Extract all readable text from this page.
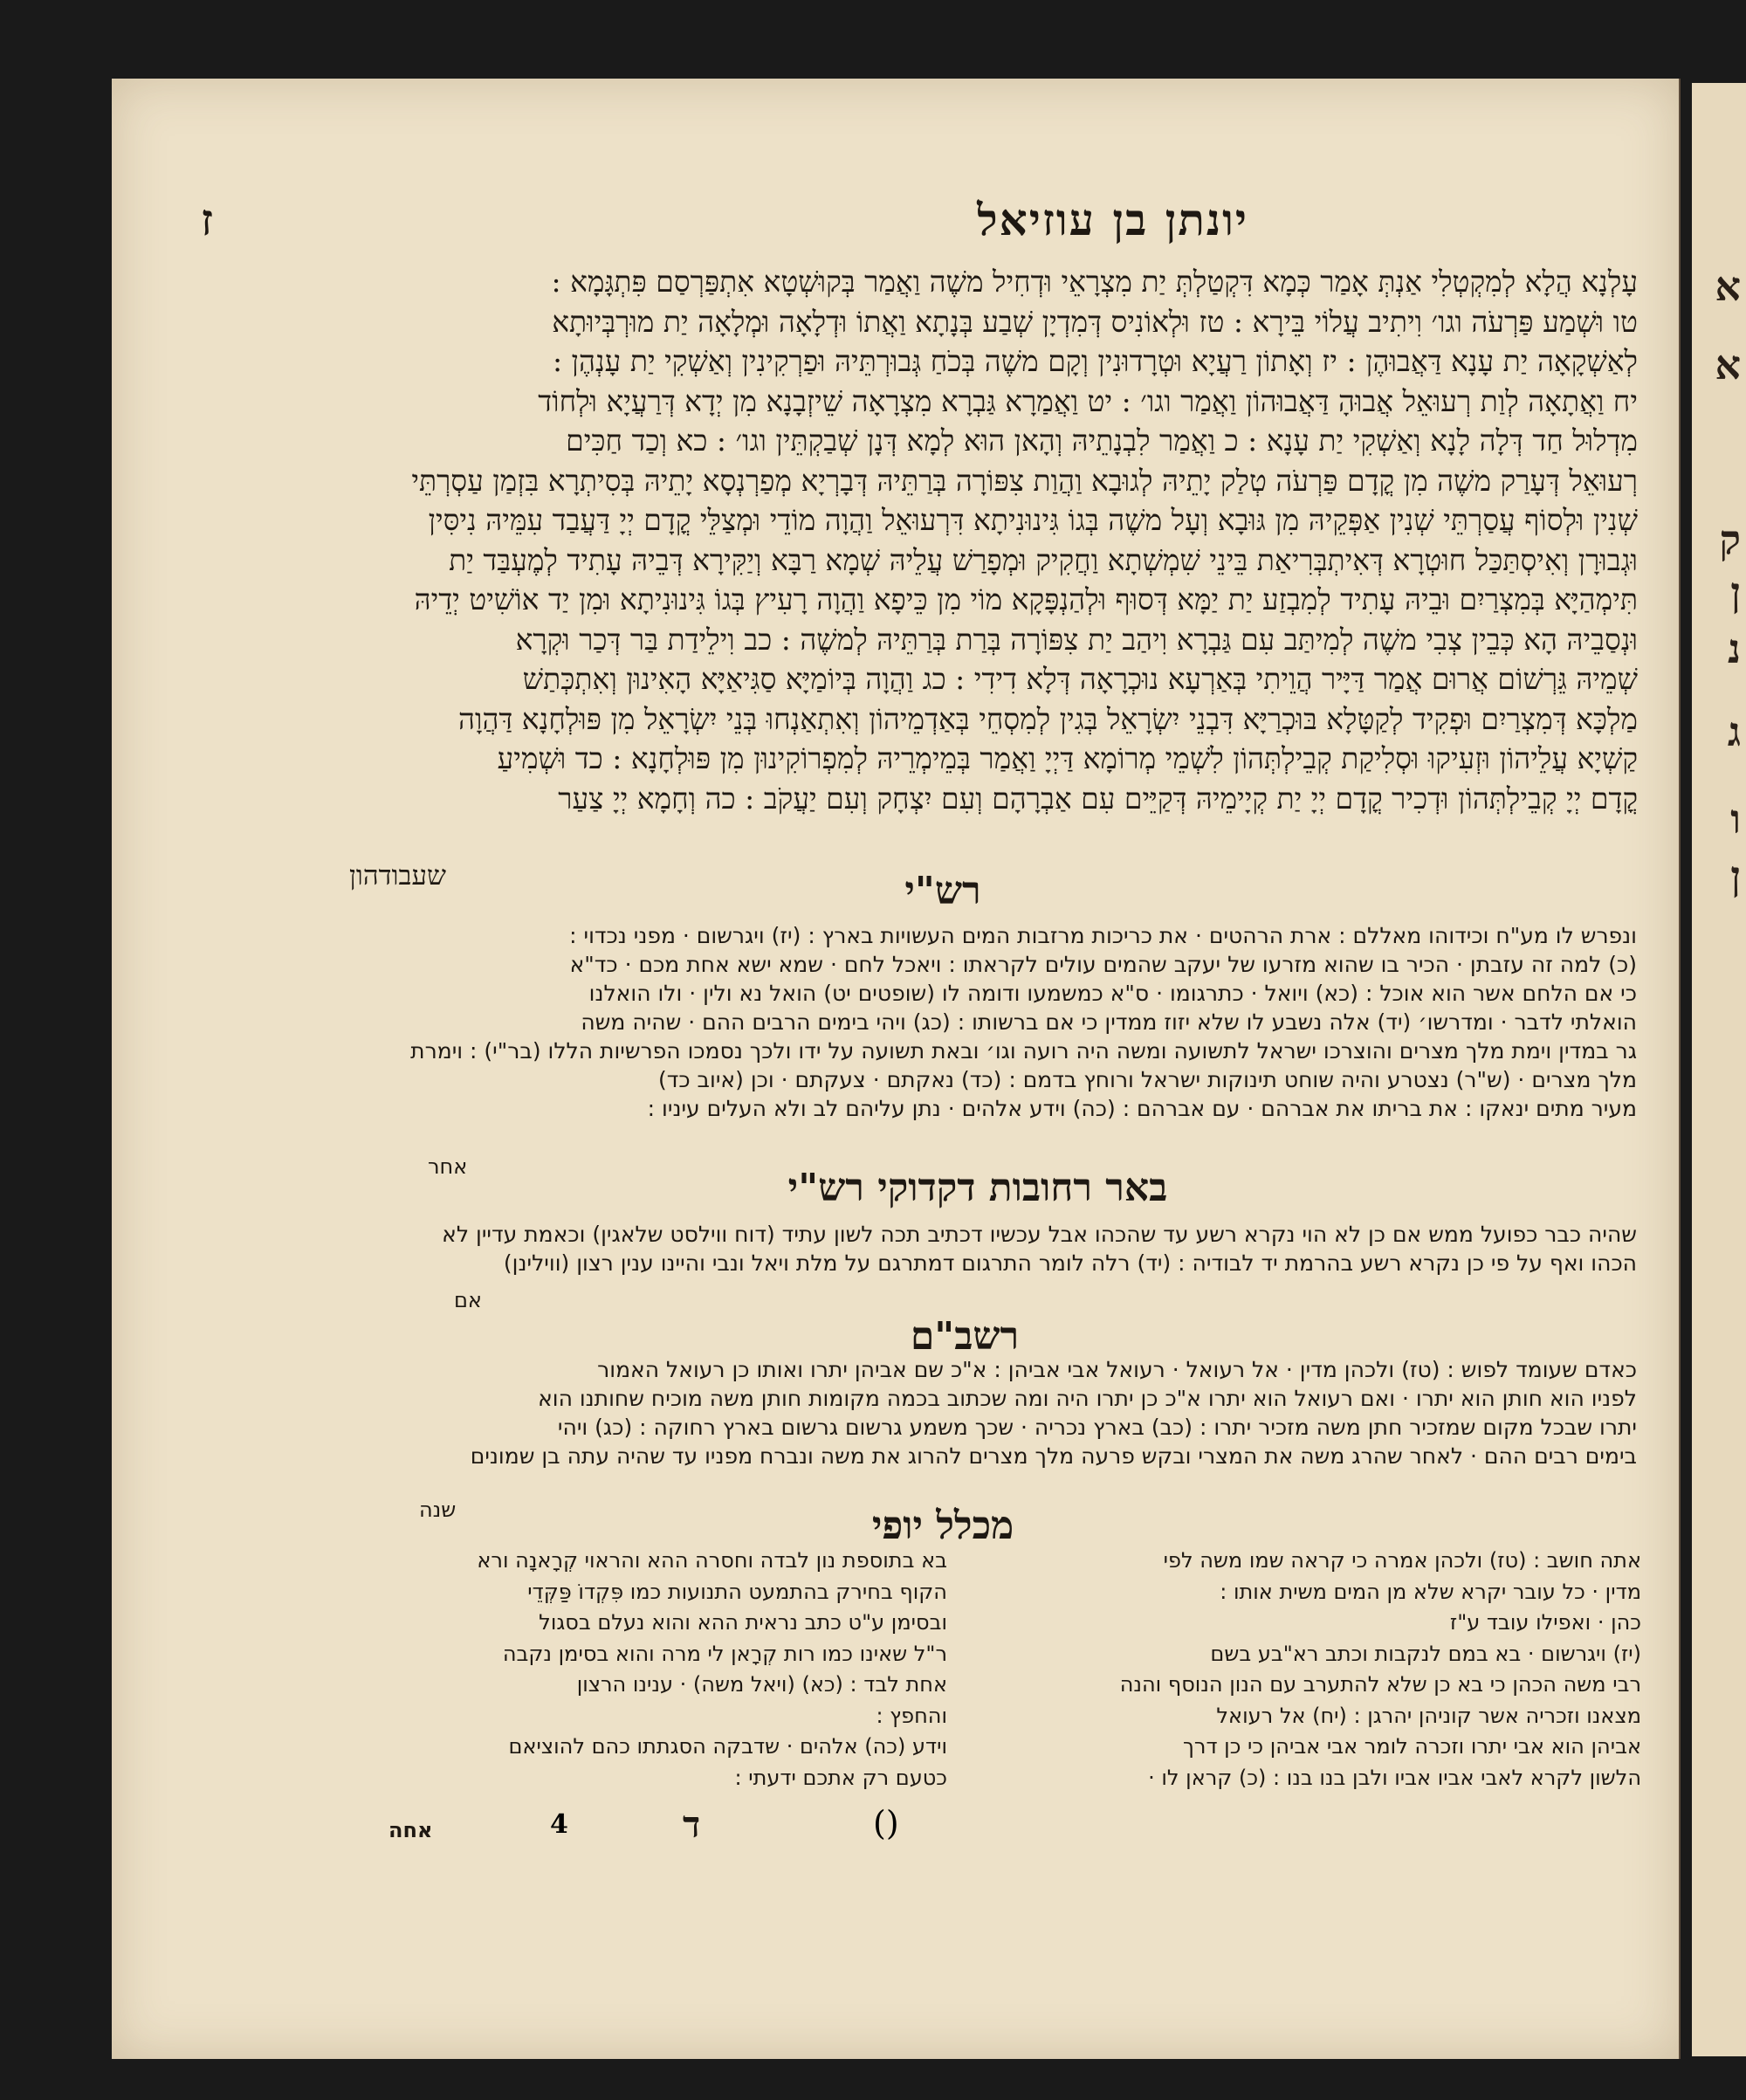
א
א
ק
ן
נ
ג
ו
ן
יונתן בן עוזיאל
ז
עָלְנָא הֲלָא לְמִקְטְלִי אַנְתְּ אָמַר כְּמָא דִּקְטַלְתְּ יַת מִצְרָאֵי וּדְחִיל משֶׁה וַאֲמַר בְּקוּשְׁטָא אִתְפַּרְסַם פִּתְגָּמָא :
טו וּשְׁמַע פַּרְעֹה וגו׳ וִיתִיב עֲלוֹי בֵּירָא : טז וּלְאוֹנִיס דְּמִדְיָן שְׁבַע בְּנָתָא וַאֲתוֹ וּדְלָאָה וּמְלָאָה יַת מוּרְבְּיוּתָא
לְאַשְׁקָאָה יַת עָנָא דַּאֲבוּהֶן : יז וְאָתוֹן רַעֲיָא וּטְרָדוּנִין וְקָם משֶׁה בְּכֹחַ גְּבוּרְתֵּיהּ וּפַרְקִינִין וְאַשְׁקִי יַת עָנְהֶן :
יח וַאֲתָאָה לְוַת רְעוּאֵל אֲבוּהָ דַּאֲבוּהוֹן וַאֲמַר וגו׳ : יט וַאֲמַרָא גַּבְרָא מִצְרָאָה שֵׁיזְבָנָא מִן יְדָא דְּרַעֲיָא וּלְחוֹד
מִדְלוּל חַד דְּלָה לָנָא וְאַשְׁקִי יַת עָנָא : כ וַאֲמַר לִבְנָתֵיהּ וְהָאן הוּא לְמָא דְּנָן שְׁבַקְתֵּין וגו׳ : כא וְכַד חַכִּים
רְעוּאֵל דְּעָרַק משֶׁה מִן קֳדָם פַּרְעֹה טְלַק יָתֵיהּ לְגוּבָא וַהֲוַת צִפּוֹרָה בְּרַתֵּיהּ דְּבָרְיָא מְפַרְנְסָא יָתֵיהּ בְּסִיתְרָא בִּזְמַן עַסְרְתֵּי
שְׁנִין וּלְסוֹף עֲסַרְתֵּי שְׁנִין אַפְּקֵיהּ מִן גּוּבָא וְעָל משֶׁה בְּגוֹ גִּינוּנִיתָא דִּרְעוּאֵל וַהֲוָה מוֹדֵי וּמְצַלֵּי קֳדָם יְיָ דַּעֲבַד עִמֵּיהּ נִיסִּין
וּגְבוּרָן וְאִיסְתַּכַּל חוּטְרָא דְּאִיתְבְּרִיאַת בֵּינֵי שִׁמְשְׁתָא וַחֲקִיק וּמְפָרַשׁ עֲלֵיהּ שְׁמָא רַבָּא וְיַקִּירָא דְּבֵיהּ עָתִיד לְמֶעְבַּד יַת
תִּימְהַיָּא בְּמִצְרַיִם וּבֵיהּ עָתִיד לְמִבְזַע יַת יַמָּא דְּסוּף וּלְהַנְפָּקָא מוֹי מִן כֵּיפָא וַהֲוָה רָעִיץ בְּגוֹ גִּינוּנִיתָא וּמִן יַד אוֹשִׁיט יְדֵיהּ
וּנְסַבֵיהּ הָא כְּבֵין צְבִי משֶׁה לְמִיתַּב עִם גַּבְרָא וִיהַב יַת צִפּוֹרָה בְּרַת בְּרַתֵּיהּ לְמשֶׁה : כב וִילֵידַת בַּר דְּכַר וּקְרָא
שְׁמֵיהּ גֵּרְשׁוֹם אֲרוּם אֲמַר דַּיָּיר הֲוֵיתִי בְּאַרְעָא נוּכְרָאָה דְּלָא דִידִי : כג וַהֲוָה בְּיוֹמַיָּא סַגִּיאַיָּא הָאִינוּן וְאִתְכְּתַשׁ
מַלְכָּא דְּמִצְרַיִם וּפְקִיד לְקַטָּלָא בּוּכְרַיָּא דִּבְנֵי יִשְׂרָאֵל בְּגִין לְמִסְחֵי בְּאַדְמֵיהוֹן וְאִתְאַנְחוּ בְּנֵי יִשְׂרָאֵל מִן פּוּלְחָנָא דַּהֲוָה
קַשְׁיָא עֲלֵיהוֹן וּזְעִיקוּ וּסְלִיקַת קְבֵילְתְּהוֹן לִשְׁמֵי מְרוֹמָא דַּיְיָ וַאֲמַר בְּמֵימְרֵיהּ לְמִפְרוֹקִינוּן מִן פּוּלְחָנָא : כד וּשְׁמִיעַ
קֳדָם יְיָ קְבֵילְתְּהוֹן וּדְכִיר קֳדָם יְיָ יַת קְיָימֵיהּ דְּקַיֵּים עִם אַבְרָהָם וְעִם יִצְחָק וְעִם יַעֲקֹב : כה וְחָמָא יְיָ צַעַר
שעבודהון	רש"י
ונפרש לו מע"ח וכידוהו מאללם : ארת הרהטים · את כריכות מרזבות המים העשויות בארץ : (יז) ויגרשום · מפני נכדוי :
(כ) למה זה עזבתן · הכיר בו שהוא מזרעו של יעקב שהמים עולים לקראתו : ויאכל לחם · שמא ישא אחת מכם · כד"א
כי אם הלחם אשר הוא אוכל : (כא) ויואל · כתרגומו · ס"א כמשמעו ודומה לו (שופטים יט) הואל נא ולין · ולו הואלנו
הואלתי לדבר · ומדרשו׳ (יד) אלה נשבע לו שלא יזוז ממדין כי אם ברשותו : (כג) ויהי בימים הרבים ההם · שהיה משה
גר במדין וימת מלך מצרים והוצרכו ישראל לתשועה ומשה היה רועה וגו׳ ובאת תשועה על ידו ולכך נסמכו הפרשיות הללו (בר"י) : וימרת
מלך מצרים · (ש"ר) נצטרע והיה שוחט תינוקות ישראל ורוחץ בדמם : (כד) נאקתם · צעקתם · וכן (איוב כד)
מעיר מתים ינאקו : את בריתו את אברהם · עם אברהם : (כה) וידע אלהים · נתן עליהם לב ולא העלים עיניו :
אחר	באר רחובות דקדוקי רש"י
שהיה כבר כפועל ממש אם כן לא הוי נקרא רשע עד שהכהו אבל עכשיו דכתיב תכה לשון עתיד (דוח ווילסט שלאגין) וכאמת עדיין לא
הכהו ואף על פי כן נקרא רשע בהרמת יד לבודיה : (יד) רלה לומר התרגום דמתרגם על מלת ויאל ונבי והיינו ענין רצון (ווילינן)
אם
רשב"ם
כאדם שעומד לפוש : (טז) ולכהן מדין · אל רעואל · רעואל אבי אביהן : א"כ שם אביהן יתרו ואותו כן רעואל האמור
לפניו הוא חותן הוא יתרו · ואם רעואל הוא יתרו א"כ כן יתרו היה ומה שכתוב בכמה מקומות חותן משה מוכיח שחותנו הוא
יתרו שבכל מקום שמזכיר חתן משה מזכיר יתרו : (כב) בארץ נכריה · שכך משמע גרשום גרשום בארץ רחוקה : (כג) ויהי
בימים רבים ההם · לאחר שהרג משה את המצרי ובקש פרעה מלך מצרים להרוג את משה ונברח מפניו עד שהיה עתה בן שמונים
שנה	מכלל יופי
אתה חושב : (טז) ולכהן אמרה כי קראה שמו משה לפי
מדין · כל עובר יקרא שלא מן המים משית אותו :
כהן · ואפילו עובד ע"ז
(יז) ויגרשום · בא במם לנקבות וכתב רא"בע בשם
רבי משה הכהן כי בא כן שלא להתערב עם הנון הנוסף והנה
מצאנו וזכריה אשר קוניהן יהרגן : (יח) אל רעואל
אביהן הוא אבי יתרו וזכרה לומר אבי אביהן כי כן דרך
הלשון לקרא לאבי אביו אביו ולבן בנו בנו : (כ) קראן לו ·
בא בתוספת נון לבדה וחסרה ההא והראוי קְרָאנָה ורא
הקוף בחירק בהתמעט התנועות כמו פִּקְדוֹ פַּקְּדֵי
ובסימן ע"ט כתב נראית ההא והוא נעלם בסגול
ר"ל שאינו כמו רות קְרָאן לי מרה והוא בסימן נקבה
אחת לבד : (כא) (ויאל משה) · ענינו הרצון
והחפץ :
וידע (כה) אלהים · שדבקה הסגתתו כהם להוציאם
כטעם רק אתכם ידעתי :
אחה	ד
4	()
